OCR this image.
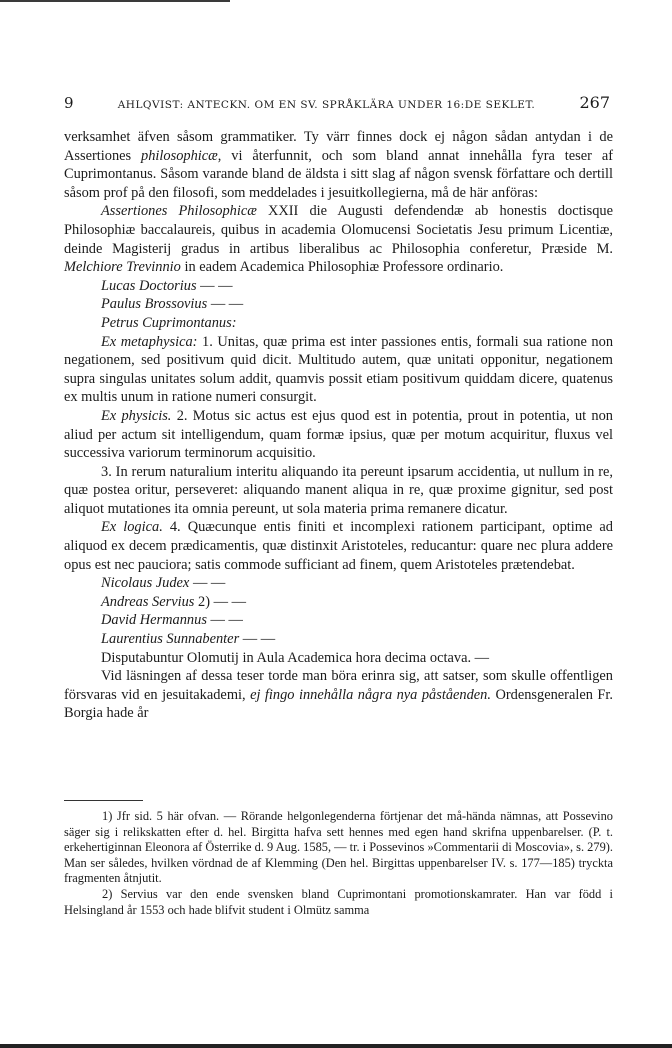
9	AHLQVIST: ANTECKN. OM EN SV. SPRÅKLÄRA UNDER 16:DE SEKLET.	267

verksamhet äfven såsom grammatiker. Ty värr finnes dock ej någon sådan antydan i de Assertiones philosophicæ, vi återfunnit, och som bland annat innehålla fyra teser af Cuprimontanus. Såsom varande bland de äldsta i sitt slag af någon svensk författare och dertill såsom prof på den filosofi, som meddelades i jesuitkollegierna, må de här anföras:

Assertiones Philosophicæ XXII die Augusti defendendæ ab honestis doctisque Philosophiæ baccalaureis, quibus in academia Olomucensi Societatis Jesu primum Licentiæ, deinde Magisterij gradus in artibus liberalibus ac Philosophia conferetur, Præside M. Melchiore Trevinnio in eadem Academica Philosophiæ Professore ordinario.

Lucas Doctorius — —

Paulus Brossovius — —

Petrus Cuprimontanus:

Ex metaphysica: 1. Unitas, quæ prima est inter passiones entis, formali sua ratione non negationem, sed positivum quid dicit. Multitudo autem, quæ unitati opponitur, negationem supra singulas unitates solum addit, quamvis possit etiam positivum quiddam dicere, quatenus ex multis unum in ratione numeri consurgit.

Ex physicis. 2. Motus sic actus est ejus quod est in potentia, prout in potentia, ut non aliud per actum sit intelligendum, quam formæ ipsius, quæ per motum acquiritur, fluxus vel successiva variorum terminorum acquisitio.

3. In rerum naturalium interitu aliquando ita pereunt ipsarum accidentia, ut nullum in re, quæ postea oritur, perseveret: aliquando manent aliqua in re, quæ proxime gignitur, sed post aliquot mutationes ita omnia pereunt, ut sola materia prima remanere dicatur.

Ex logica. 4. Quæcunque entis finiti et incomplexi rationem participant, optime ad aliquod ex decem prædicamentis, quæ distinxit Aristoteles, reducantur: quare nec plura addere opus est nec pauciora; satis commode sufficiant ad finem, quem Aristoteles prætendebat.

Nicolaus Judex — —

Andreas Servius 2) — —

David Hermannus — —

Laurentius Sunnabenter — —

Disputabuntur Olomutij in Aula Academica hora decima octava. —

Vid läsningen af dessa teser torde man böra erinra sig, att satser, som skulle offentligen försvaras vid en jesuitakademi, ej fingo innehålla några nya påståenden. Ordensgeneralen Fr. Borgia hade år

1) Jfr sid. 5 här ofvan. — Rörande helgonlegenderna förtjenar det må-hända nämnas, att Possevino säger sig i relikskatten efter d. hel. Birgitta hafva sett hennes med egen hand skrifna uppenbarelser. (P. t. erkehertiginnan Eleonora af Österrike d. 9 Aug. 1585, — tr. i Possevinos »Commentarii di Moscovia», s. 279). Man ser således, hvilken vördnad de af Klemming (Den hel. Birgittas uppenbarelser IV. s. 177—185) tryckta fragmenten åtnjutit.

2) Servius var den ende svensken bland Cuprimontani promotionskamrater. Han var född i Helsingland år 1553 och hade blifvit student i Olmütz samma
